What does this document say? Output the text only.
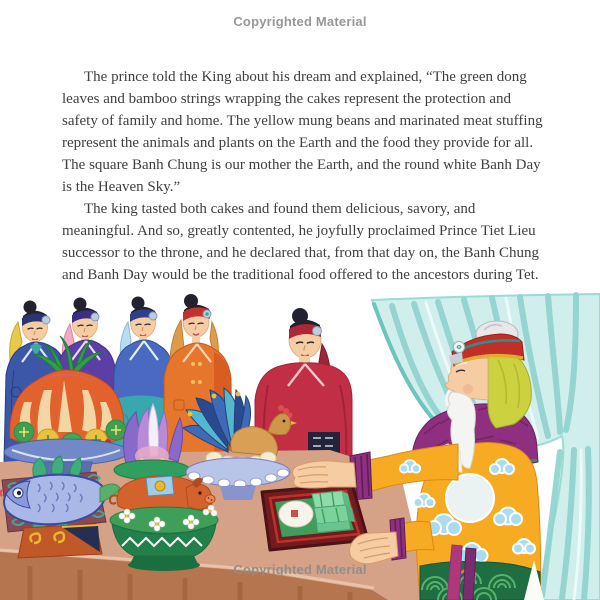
Copyrighted Material

The prince told the King about his dream and explained, “The green dong leaves and bamboo strings wrapping the cakes represent the protection and safety of family and home. The yellow mung beans and marinated meat stuffing represent the animals and plants on the Earth and the food they provide for all. The square Banh Chung is our mother the Earth, and the round white Banh Day is the Heaven Sky.”

The king tasted both cakes and found them delicious, savory, and meaningful. And so, greatly contented, he joyfully proclaimed Prince Tiet Lieu successor to the throne, and he declared that, from that day on, the Banh Chung and Banh Day would be the traditional food offered to the ancestors during Tet.

Copyrighted Material
